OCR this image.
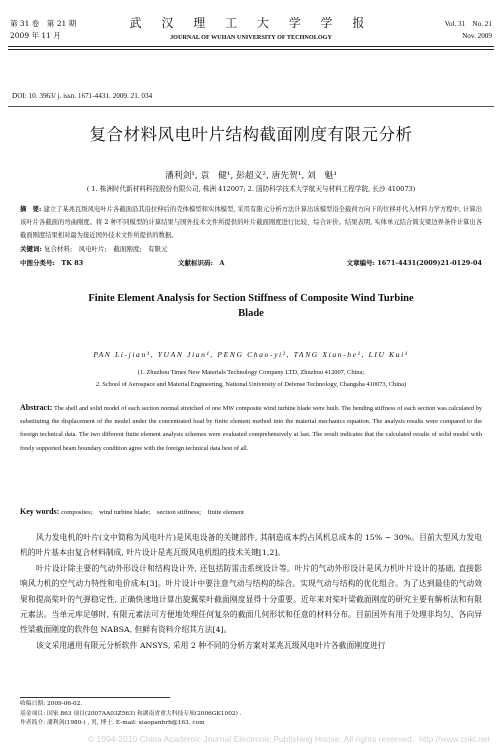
第 31 卷　第 21 期
2009 年 11 月
武 汉 理 工 大 学 学 报
JOURNAL OF WUHAN UNIVERSITY OF TECHNOLOGY
Vol. 31　No. 21
Nov. 2009
DOI: 10. 3963/ j. issn. 1671-4431. 2009. 21. 034
复合材料风电叶片结构截面刚度有限元分析
潘利剑¹, 袁　健¹, 彭超义², 唐先贺¹, 刘　魁¹
( 1. 株洲时代新材料科技股份有限公司, 株洲 412007; 2. 国防科学技术大学航天与材料工程学院, 长沙 410073)
摘　要: 建立了某兆瓦级风电叶片各截面沿其沿拉伸后的壳体模型和实体模型, 采用有限元分析方法计算出该模型沿全载荷方向下的位移并代入材料力学方程中, 计算出该叶片各截面的弯曲刚度。将 2 种不同模型的计算结果与国外技术文件所提供的叶片截面刚度进行比较、综合评价。结果表明, 实体单元结合简支梁边界条件计算出各截面刚度结果相对最为接近国外技术文件所提供的数据。
关键词: 复合材料;　风电叶片;　截面刚度;　有限元
中图分类号:　TK 83	文献标识码:　A	文章编号: 1671-4431(2009)21-0129-04
Finite Element Analysis for Section Stiffness of Composite Wind Turbine Blade
PAN Li-jian¹, YUAN Jian¹, PENG Chao-yi², TANG Xian-he¹, LIU Kui¹
(1. Zhuzhou Times New Materials Technology Company LTD, Zhuzhou 412007, China;
2. School of Aerospace and Material Engineering, National University of Defense Technology, Changsha 410073, China)
Abstract: The shell and solid model of each section normal stretched of one MW composite wind turbine blade were built. The bending stiffness of each section was calculated by substituting the displacement of the model under the concentrated load by finite element method into the material mechanics equation. The analysis results were compared to the foreign technical data. The two different finite element analysis schemes were evaluated comprehensively at last. The result indicates that the calculated results of solid model with freely supported beam boundary condition agree with the foreign technical data best of all.
Key words: composites;　wind turbine blade;　section stiffness;　finite element

风力发电机的叶片(文中简称为风电叶片)是风电设备的关键部件, 其制造成本约占风机总成本的 15% ~ 30%。目前大型风力发电机的叶片基本由复合材料制成, 叶片设计是兆瓦级风电机组的技术关键[1,2]。

叶片设计除主要的气动外形设计和结构设计外, 还包括防雷击系统设计等。叶片的气动外形设计是风力机叶片设计的基础, 直接影响风力机的空气动力特性和电价成本[3]。叶片设计中要注意气动与结构的综合。实现气动与结构的优化组合。为了达到最佳的气动效果和提高桨叶的气弹稳定性, 正确快速地计算出旋翼桨叶截面刚度显得十分重要。近年来对桨叶梁截面刚度的研究主要有解析法和有限元素法。当单元库足够时, 有限元素法可方便地处理任何复杂的截面几何形状和任意的材料分布。目前国外有用于处理非均匀、各向异性梁截面刚度的软件包 NABSA, 但鲜有资料介绍其方法[4]。

该文采用通用有限元分析软件 ANSYS, 采用 2 种不同的分析方案对某兆瓦级风电叶片各截面刚度进行

收稿日期: 2009-06-02.
基金项目: 国家 863 项目(2007AA03Z563) 和湖南省重大科技专项(2006GK1002) .
作者简介: 潘利剑(1980-) , 男, 博士. E-mail: xiaopanhrh@163. com
© 1994-2010 China Academic Journal Electronic Publishing House. All rights reserved. http://www.cnki.net
